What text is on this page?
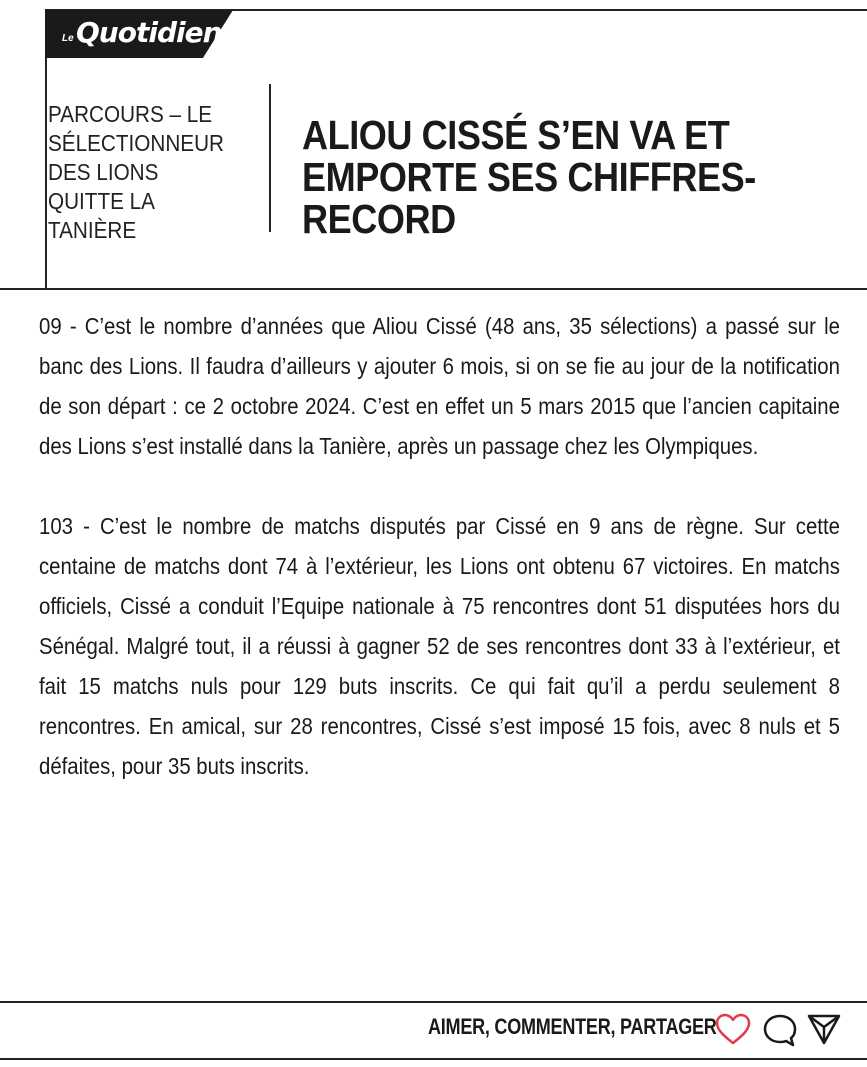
Le Quotidien
PARCOURS – LE SÉLECTIONNEUR DES LIONS QUITTE LA TANIÈRE
ALIOU CISSÉ S’EN VA ET EMPORTE SES CHIFFRES-RECORD

09 - C’est le nombre d’années que Aliou Cissé (48 ans, 35 sélections) a passé sur le banc des Lions. Il faudra d’ailleurs y ajouter 6 mois, si on se fie au jour de la notification de son départ : ce 2 octobre 2024. C’est en effet un 5 mars 2015 que l’ancien capitaine des Lions s’est installé dans la Tanière, après un passage chez les Olympiques.

103 - C’est le nombre de matchs disputés par Cissé en 9 ans de règne. Sur cette centaine de matchs dont 74 à l’extérieur, les Lions ont obtenu 67 victoires. En matchs officiels, Cissé a conduit l’Equipe nationale à 75 rencontres dont 51 disputées hors du Sénégal. Malgré tout, il a réussi à gagner 52 de ses rencontres dont 33 à l’extérieur, et fait 15 matchs nuls pour 129 buts inscrits. Ce qui fait qu’il a perdu seulement 8 rencontres. En amical, sur 28 rencontres, Cissé s’est imposé 15 fois, avec 8 nuls et 5 défaites, pour 35 buts inscrits.

AIMER, COMMENTER, PARTAGER
